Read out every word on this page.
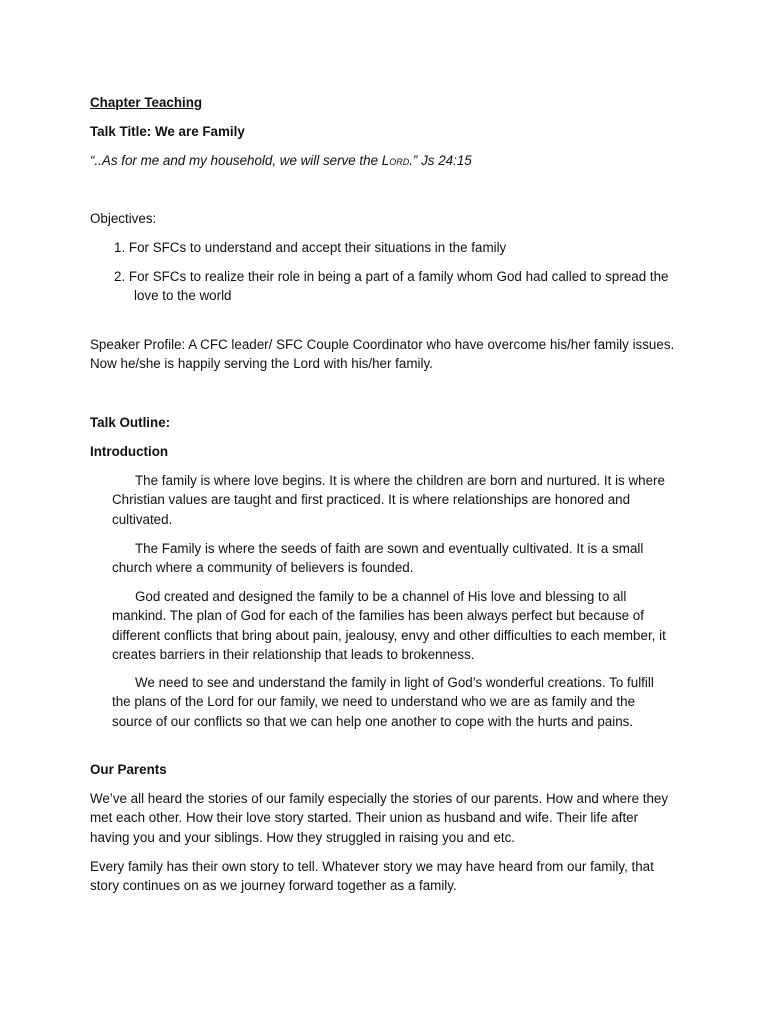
Chapter Teaching

Talk Title: We are Family

“..As for me and my household, we will serve the Lord.” Js 24:15

Objectives:

1. For SFCs to understand and accept their situations in the family

2. For SFCs to realize their role in being a part of a family whom God had called to spread the love to the world

Speaker Profile: A CFC leader/ SFC Couple Coordinator who have overcome his/her family issues. Now he/she is happily serving the Lord with his/her family.

Talk Outline:

Introduction

The family is where love begins. It is where the children are born and nurtured. It is where Christian values are taught and first practiced. It is where relationships are honored and cultivated.

The Family is where the seeds of faith are sown and eventually cultivated. It is a small church where a community of believers is founded.

God created and designed the family to be a channel of His love and blessing to all mankind. The plan of God for each of the families has been always perfect but because of different conflicts that bring about pain, jealousy, envy and other difficulties to each member, it creates barriers in their relationship that leads to brokenness.

We need to see and understand the family in light of God’s wonderful creations. To fulfill the plans of the Lord for our family, we need to understand who we are as family and the source of our conflicts so that we can help one another to cope with the hurts and pains.

Our Parents

We’ve all heard the stories of our family especially the stories of our parents. How and where they met each other. How their love story started. Their union as husband and wife. Their life after having you and your siblings. How they struggled in raising you and etc.

Every family has their own story to tell. Whatever story we may have heard from our family, that story continues on as we journey forward together as a family.
